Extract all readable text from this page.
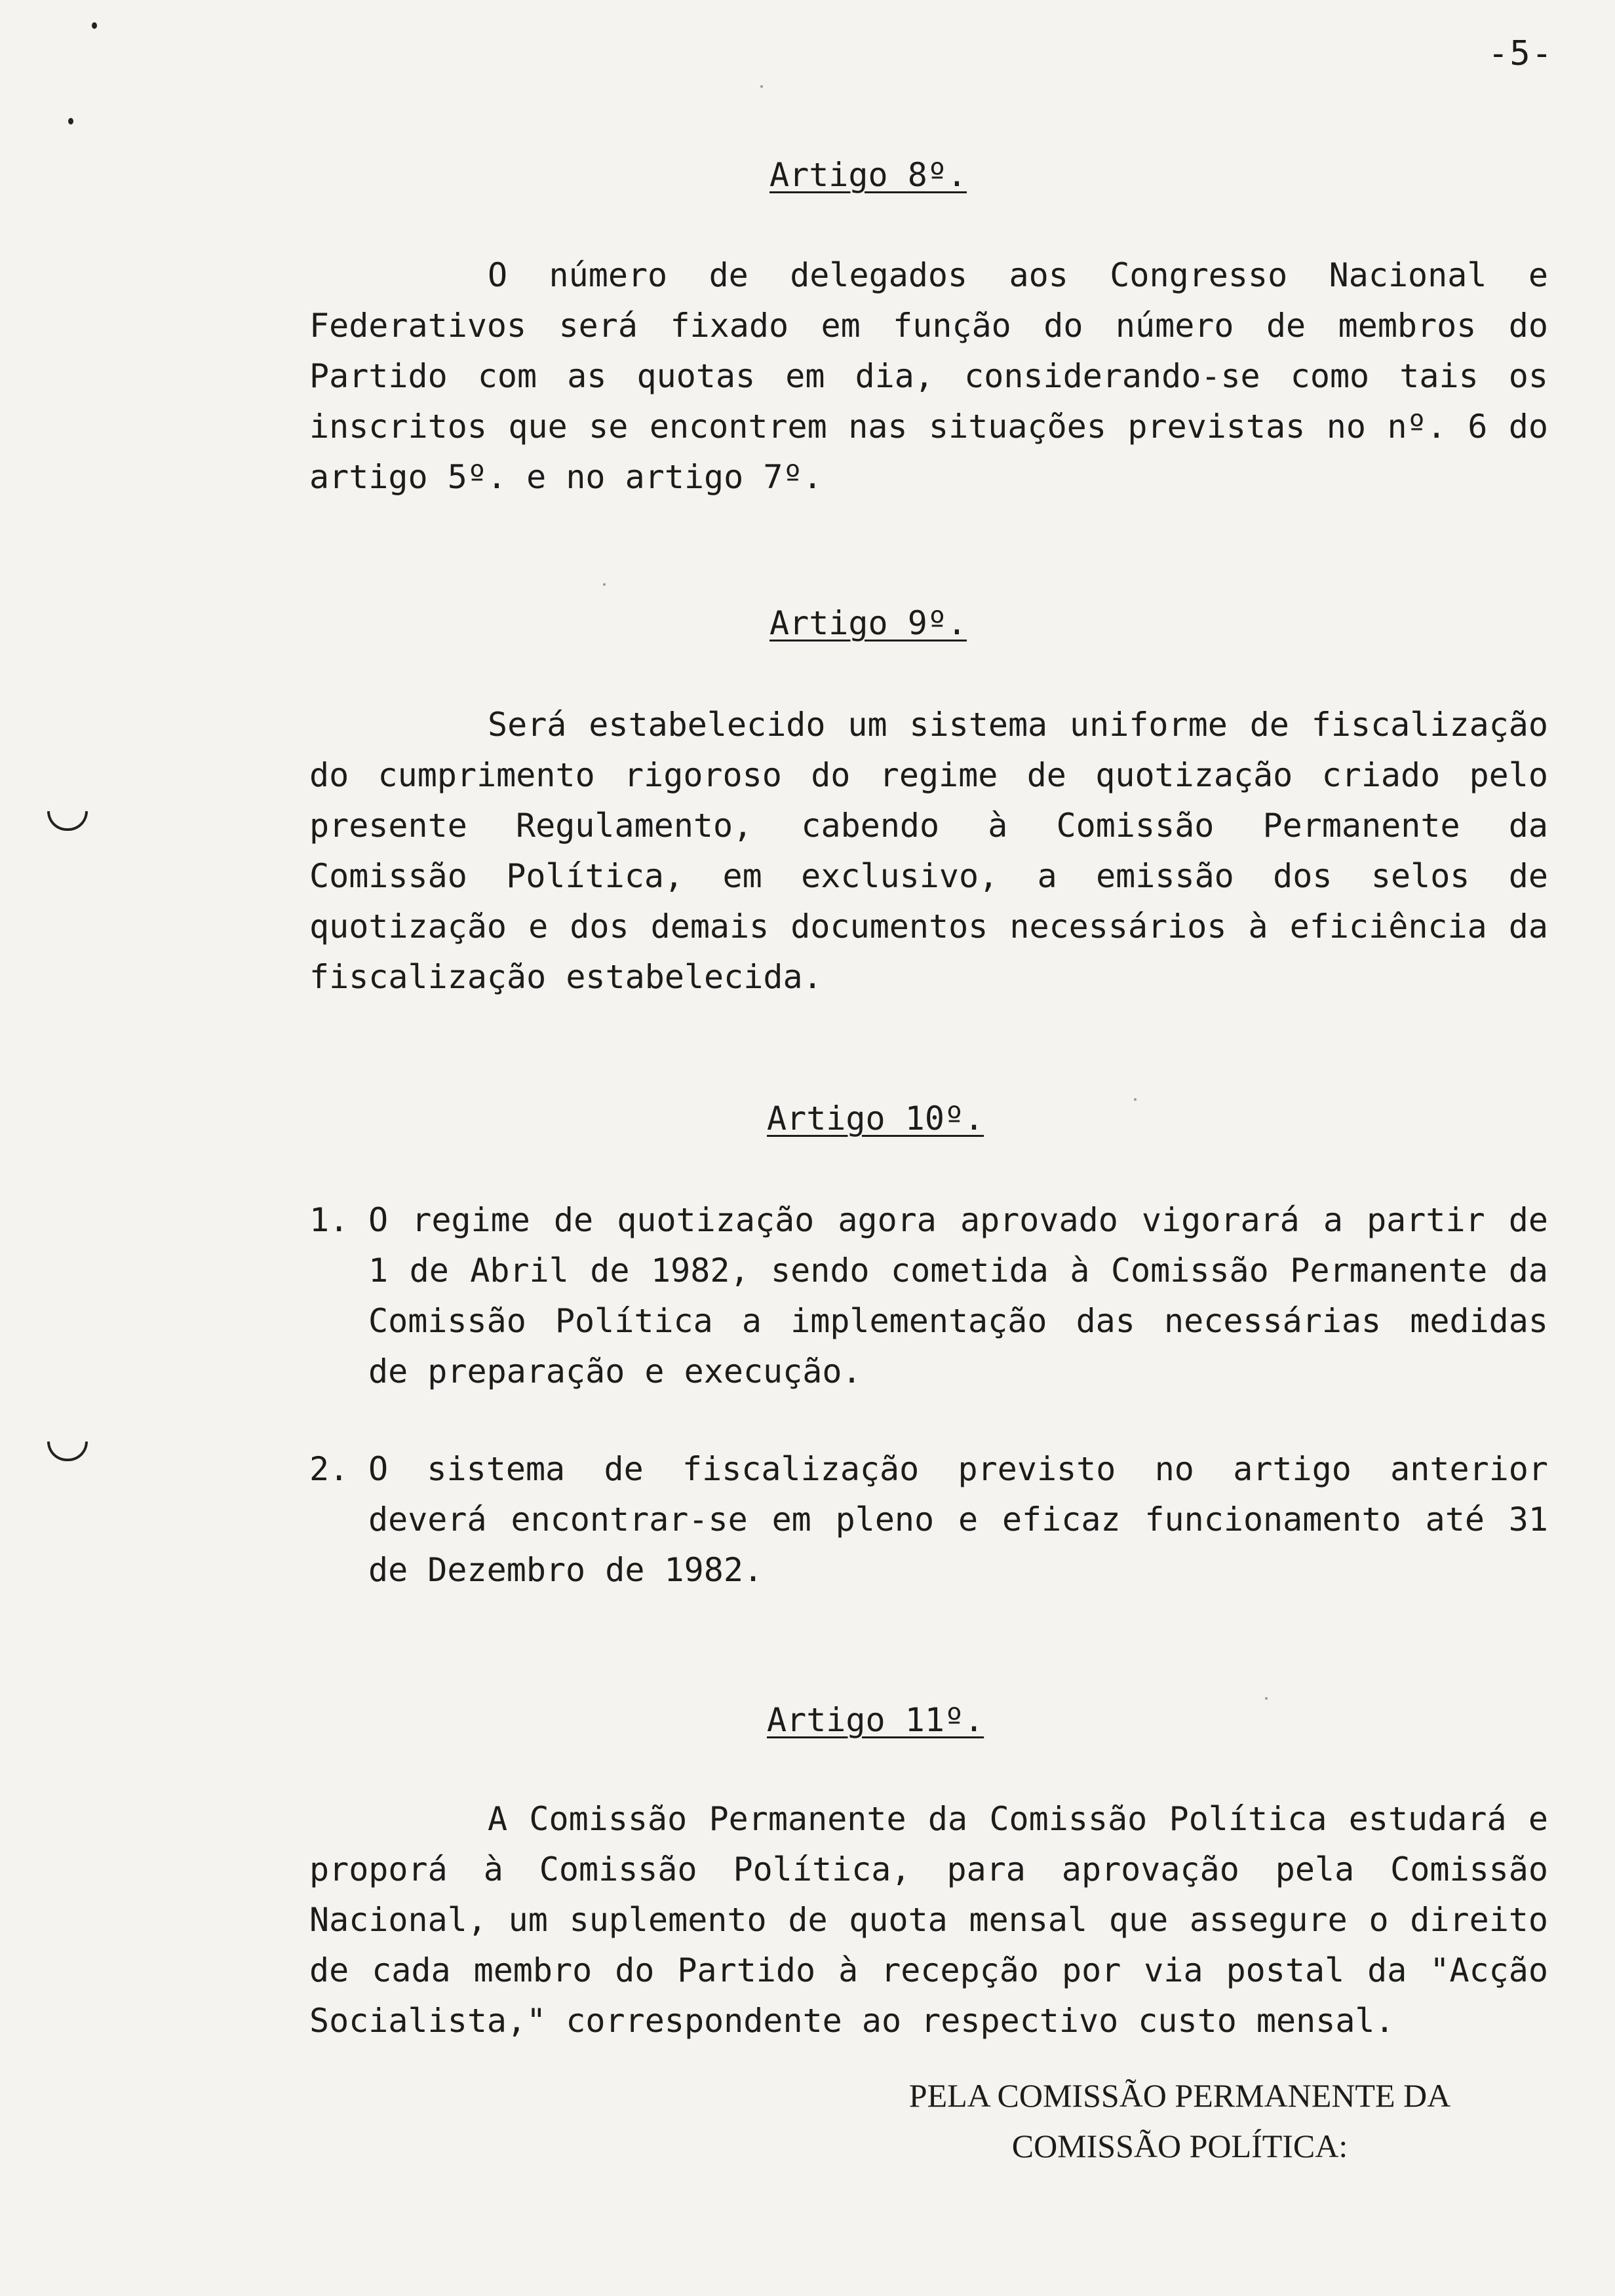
-5-
Artigo 8º.
O número de delegados aos Congresso Nacional e Federativos será fixado em função do número de membros do Partido com as quotas em dia, considerando-se como tais os inscritos que se encontrem nas situações previstas no nº. 6 do artigo 5º. e no artigo 7º.
Artigo 9º.
Será estabelecido um sistema uniforme de fiscalização do cumprimento rigoroso do regime de quotização criado pelo presente Regulamento, cabendo à Comissão Permanente da Comissão Política, em exclusivo, a emissão dos selos de quotização e dos demais documentos necessários à eficiência da fiscalização estabelecida.
Artigo 10º.
1. O regime de quotização agora aprovado vigorará a partir de 1 de Abril de 1982, sendo cometida à Comissão Permanente da Comissão Política a implementação das necessárias medidas de preparação e execução.
2. O sistema de fiscalização previsto no artigo anterior deverá encontrar-se em pleno e eficaz funcionamento até 31 de Dezembro de 1982.
Artigo 11º.
A Comissão Permanente da Comissão Política estudará e proporá à Comissão Política, para aprovação pela Comissão Nacional, um suplemento de quota mensal que assegure o direito de cada membro do Partido à recepção por via postal da "Acção Socialista," correspondente ao respectivo custo mensal.
PELA COMISSÃO PERMANENTE DA
COMISSÃO POLÍTICA:
